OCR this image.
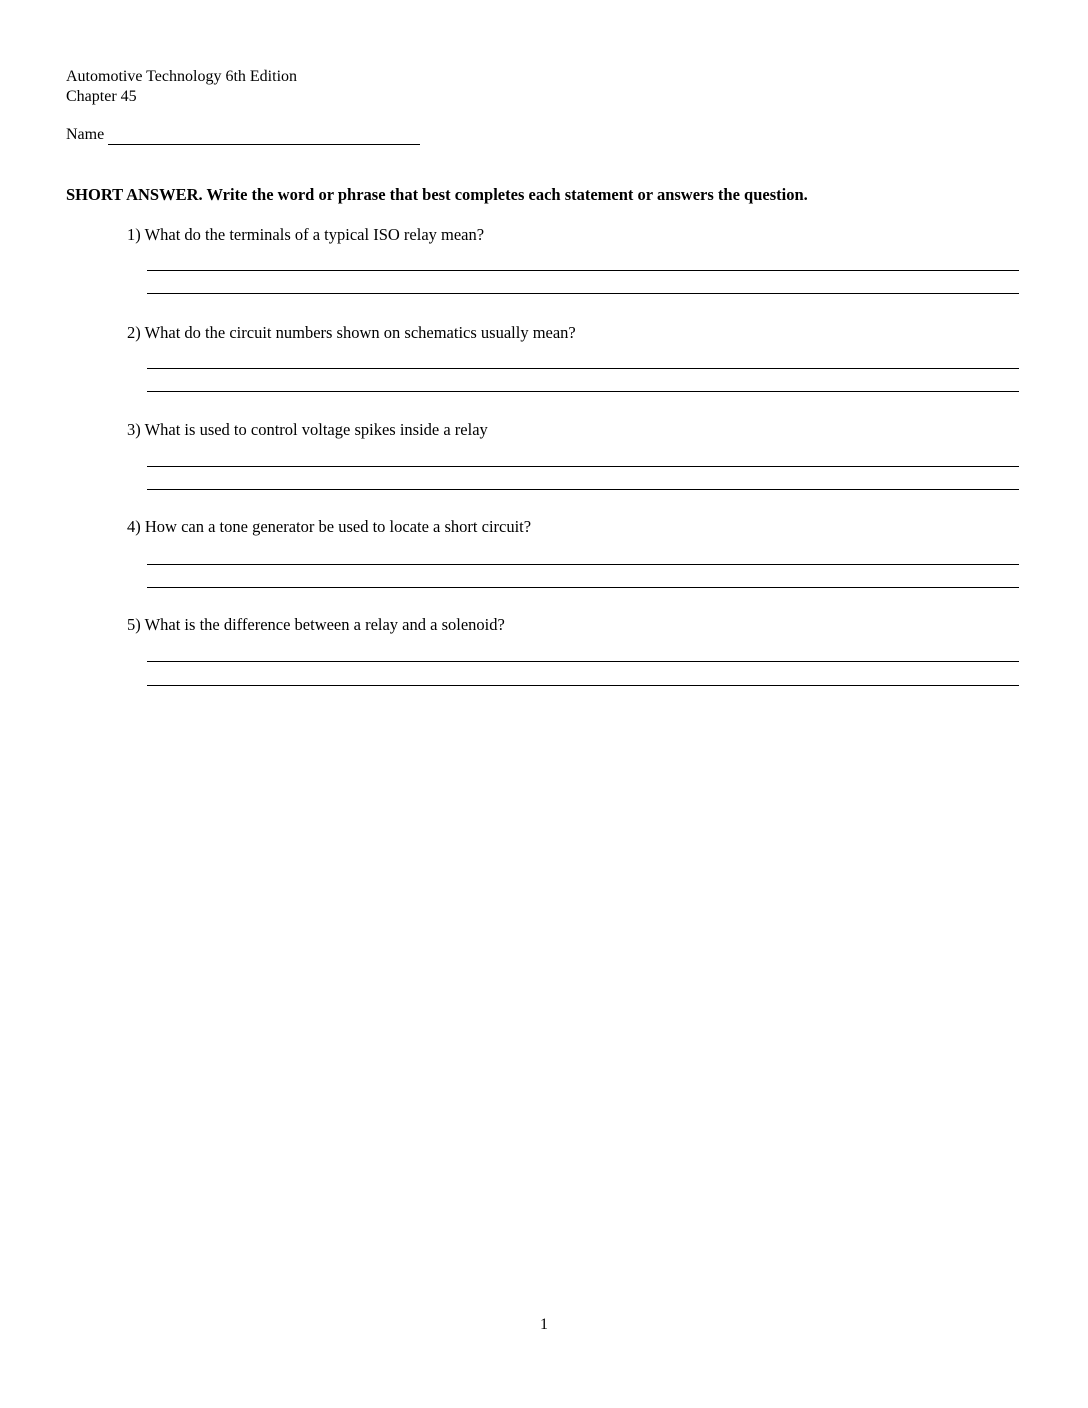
Automotive Technology 6th Edition
Chapter 45
Name
SHORT ANSWER. Write the word or phrase that best completes each statement or answers the question.
1) What do the terminals of a typical ISO relay mean?
2) What do the circuit numbers shown on schematics usually mean?
3) What is used to control voltage spikes inside a relay
4) How can a tone generator be used to locate a short circuit?
5) What is the difference between a relay and a solenoid?
1
